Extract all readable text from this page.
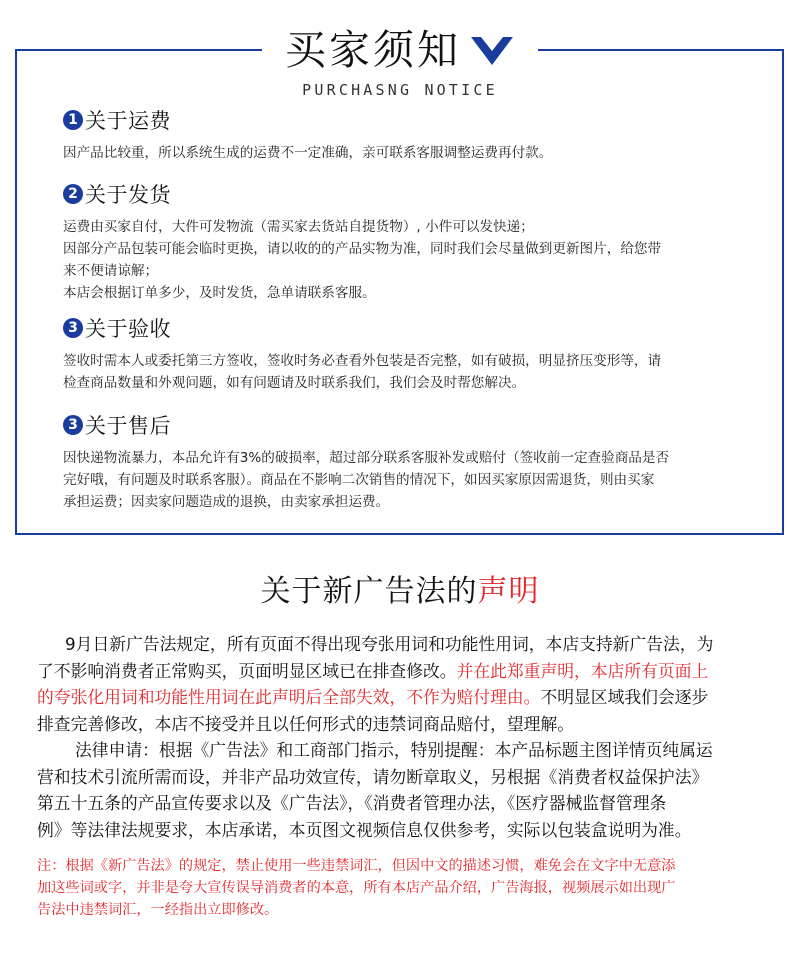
买家须知
PURCHASNG NOTICE
1 关于运费
因产品比较重，所以系统生成的运费不一定准确，亲可联系客服调整运费再付款。
2 关于发货
运费由买家自付，大件可发物流（需买家去货站自提货物）, 小件可以发快递；
因部分产品包装可能会临时更换，请以收的的产品实物为准，同时我们会尽量做到更新图片，给您带
来不便请谅解；
本店会根据订单多少，及时发货，急单请联系客服。
3 关于验收
签收时需本人或委托第三方签收，签收时务必查看外包装是否完整，如有破损，明显挤压变形等，请
检查商品数量和外观问题，如有问题请及时联系我们，我们会及时帮您解决。
3 关于售后
因快递物流暴力，本品允许有3%的破损率，超过部分联系客服补发或赔付（签收前一定查验商品是否
完好哦，有问题及时联系客服）。商品在不影响二次销售的情况下，如因买家原因需退货，则由买家
承担运费；因卖家问题造成的退换，由卖家承担运费。
关于新广告法的声明
9月日新广告法规定，所有页面不得出现夸张用词和功能性用词，本店支持新广告法，为
了不影响消费者正常购买，页面明显区域已在排查修改。并在此郑重声明，本店所有页面上
的夸张化用词和功能性用词在此声明后全部失效，不作为赔付理由。不明显区域我们会逐步
排查完善修改，本店不接受并且以任何形式的违禁词商品赔付，望理解。
法律申请：根据《广告法》和工商部门指示，特别提醒：本产品标题主图详情页纯属运
营和技术引流所需而设，并非产品功效宣传，请勿断章取义，另根据《消费者权益保护法》
第五十五条的产品宣传要求以及《广告法》，《消费者管理办法，《医疗器械监督管理条
例》等法律法规要求，本店承诺，本页图文视频信息仅供参考，实际以包装盒说明为准。
注：根据《新广告法》的规定，禁止使用一些违禁词汇，但因中文的描述习惯，难免会在文字中无意添
加这些词或字，并非是夸大宣传误导消费者的本意，所有本店产品介绍，广告海报，视频展示如出现广
告法中违禁词汇，一经指出立即修改。
